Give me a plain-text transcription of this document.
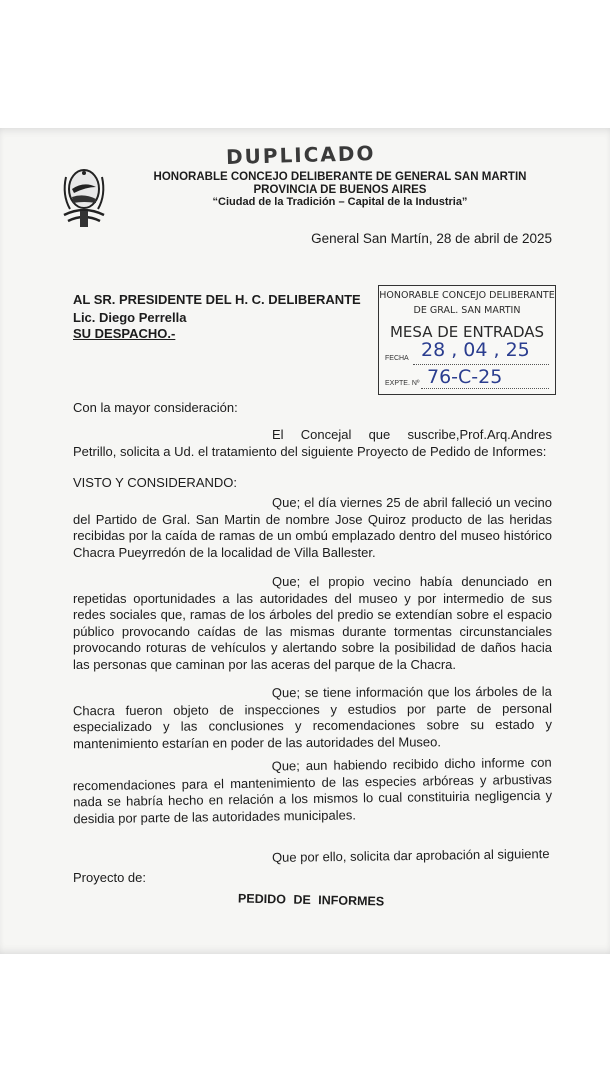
DUPLICADO
HONORABLE CONCEJO DELIBERANTE DE GENERAL SAN MARTIN
PROVINCIA DE BUENOS AIRES
“Ciudad de la Tradición – Capital de la Industria”
General San Martín, 28 de abril de 2025
AL SR. PRESIDENTE DEL H. C. DELIBERANTE
Lic. Diego Perrella
SU DESPACHO.-
HONORABLE CONCEJO DELIBERANTE
DE GRAL. SAN MARTIN
MESA DE ENTRADAS
FECHA 28 , 04 , 25
EXPTE. Nº 76-C-25
Con la mayor consideración:
El Concejal que suscribe,Prof.Arq.Andres Petrillo, solicita a Ud. el tratamiento del siguiente Proyecto de Pedido de Informes:
VISTO Y CONSIDERANDO:
Que; el día viernes 25 de abril falleció un vecino del Partido de Gral. San Martin de nombre Jose Quiroz producto de las heridas recibidas por la caída de ramas de un ombú emplazado dentro del museo histórico Chacra Pueyrredón de la localidad de Villa Ballester.
Que; el propio vecino había denunciado en repetidas oportunidades a las autoridades del museo y por intermedio de sus redes sociales que, ramas de los árboles del predio se extendían sobre el espacio público provocando caídas de las mismas durante tormentas circunstanciales provocando roturas de vehículos y alertando sobre la posibilidad de daños hacia las personas que caminan por las aceras del parque de la Chacra.
Que; se tiene información que los árboles de la Chacra fueron objeto de inspecciones y estudios por parte de personal especializado y las conclusiones y recomendaciones sobre su estado y mantenimiento estarían en poder de las autoridades del Museo.
Que; aun habiendo recibido dicho informe con recomendaciones para el mantenimiento de las especies arbóreas y arbustivas nada se habría hecho en relación a los mismos lo cual constituiria negligencia y desidia por parte de las autoridades municipales.
Que por ello, solicita dar aprobación al siguiente
Proyecto de:
PEDIDO DE INFORMES
